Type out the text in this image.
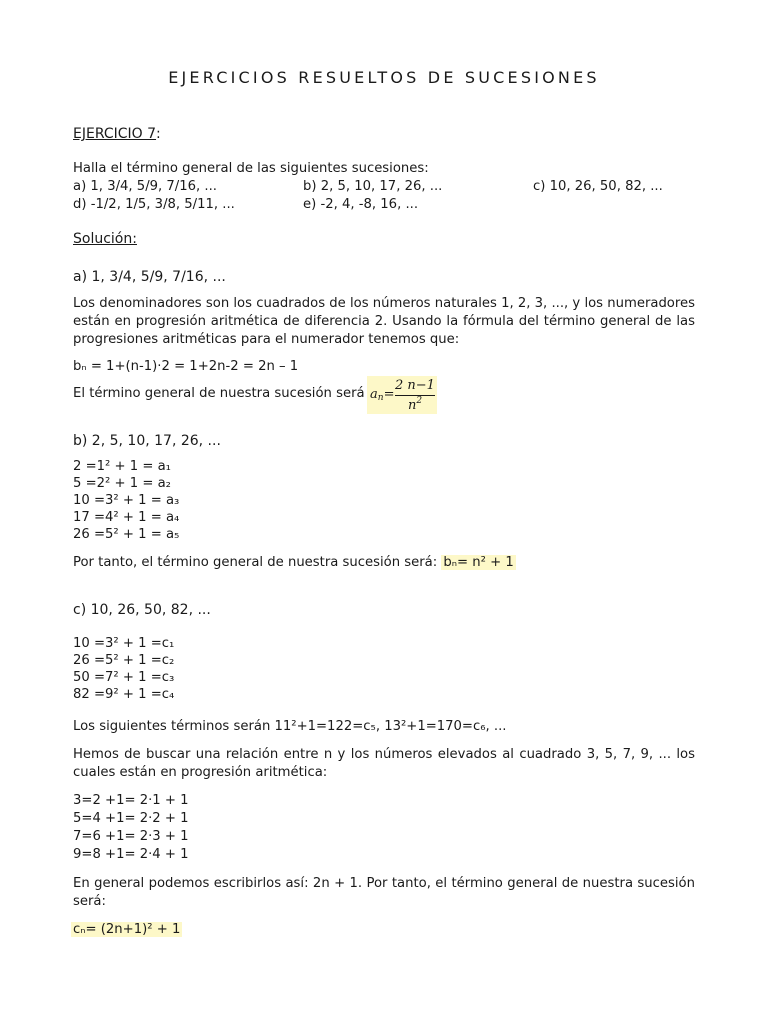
EJERCICIOS RESUELTOS DE SUCESIONES
EJERCICIO 7:
Halla el término general de las siguientes sucesiones:
a) 1, 3/4, 5/9, 7/16, ...	b) 2, 5, 10, 17, 26, ...	c) 10, 26, 50, 82, ...
d) -1/2, 1/5, 3/8, 5/11, ...	e) -2, 4, -8, 16, ...
Solución:
a) 1, 3/4, 5/9, 7/16, ...
Los denominadores son los cuadrados de los números naturales 1, 2, 3, ..., y los numeradores
están en progresión aritmética de diferencia 2. Usando la fórmula del término general de las
progresiones aritméticas para el numerador tenemos que:
bₙ = 1+(n-1)·2 = 1+2n-2 = 2n – 1
El término general de nuestra sucesión será $a_n=$
2 n−1
$n^2$
b) 2, 5, 10, 17, 26, ...
2 =1² + 1 = a₁
5 =2² + 1 = a₂
10 =3² + 1 = a₃
17 =4² + 1 = a₄
26 =5² + 1 = a₅
Por tanto, el término general de nuestra sucesión será: bₙ= n² + 1
c) 10, 26, 50, 82, ...
10 =3² + 1 =c₁
26 =5² + 1 =c₂
50 =7² + 1 =c₃
82 =9² + 1 =c₄
Los siguientes términos serán 11²+1=122=c₅, 13²+1=170=c₆, ...
Hemos de buscar una relación entre n y los números elevados al cuadrado 3, 5, 7, 9, ... los
cuales están en progresión aritmética:
3=2 +1= 2·1 + 1
5=4 +1= 2·2 + 1
7=6 +1= 2·3 + 1
9=8 +1= 2·4 + 1
En general podemos escribirlos así: 2n + 1. Por tanto, el término general de nuestra sucesión
será:
cₙ= (2n+1)² + 1
